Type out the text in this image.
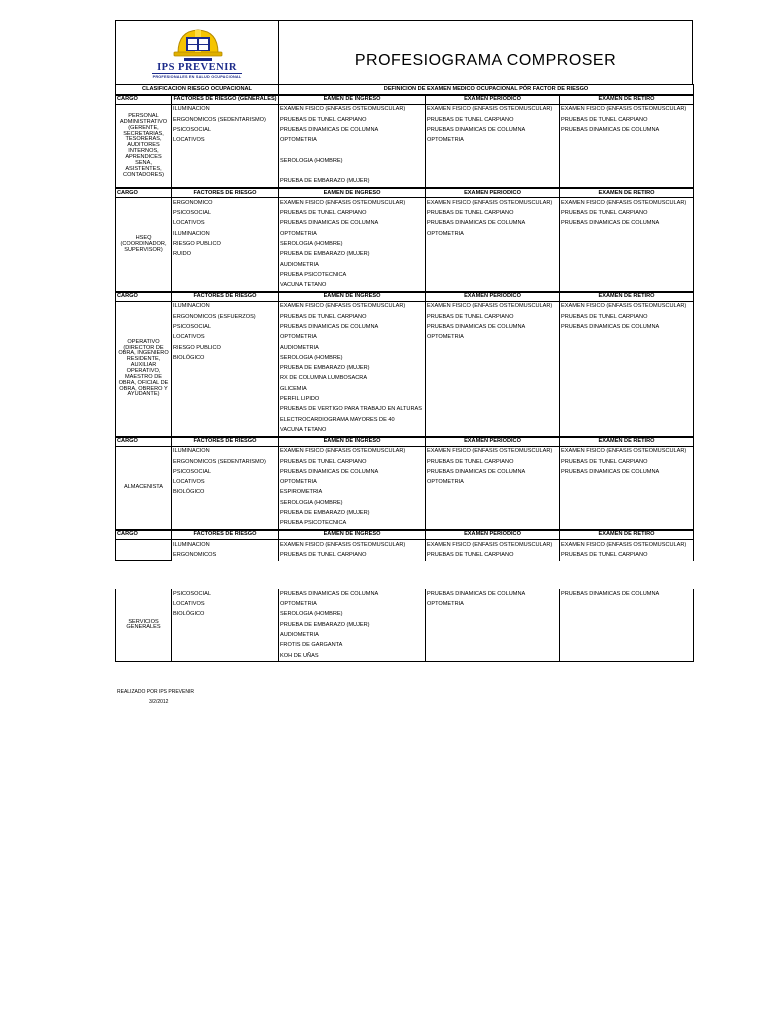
IPS PREVENIR
PROFESIONALES EN SALUD OCUPACIONAL
PROFESIOGRAMA COMPROSER
CLASIFICACION RIESGO OCUPACIONAL		DEFINICION DE EXAMEN MEDICO OCUPACIONAL PÓR FACTOR DE RIESGO		
CARGO	FACTORES DE RIESGO (GENERALES)	EAMEN DE INGRESO	EXAMEN PERIODICO	EXAMEN DE RETIRO
PERSONAL ADMINISTRATIVO (GERENTE, SECRETARIAS, TESORERAS, AUDITORES INTERNOS, APRENDICES SENA, ASISTENTES, CONTADORES)	ILUMINACION	EXAMEN FISICO (ENFASIS OSTEOMUSCULAR)	EXAMEN FISICO (ENFASIS OSTEOMUSCULAR)	EXAMEN FISICO (ENFASIS OSTEOMUSCULAR)
	ERGONOMICOS (SEDENTARISMO)	PRUEBAS DE TUNEL CARPIANO	PRUEBAS DE TUNEL CARPIANO	PRUEBAS DE TUNEL CARPIANO
	PSICOSOCIAL	PRUEBAS DINAMICAS DE COLUMNA	PRUEBAS DINAMICAS DE COLUMNA	PRUEBAS DINAMICAS DE COLUMNA
	LOCATIVOS	OPTOMETRIA	OPTOMETRIA	

		SEROLOGIA (HOMBRE)		

		PRUEBA DE EMBARAZO (MUJER)		
CARGO	FACTORES DE RIESGO	EAMEN DE INGRESO	EXAMEN PERIODICO	EXAMEN DE RETIRO
HSEQ (COORDINADOR, SUPERVISOR)	ERGONOMICO	EXAMEN FISICO (ENFASIS OSTEOMUSCULAR)	EXAMEN FISICO (ENFASIS OSTEOMUSCULAR)	EXAMEN FISICO (ENFASIS OSTEOMUSCULAR)
	PSICOSOCIAL	PRUEBAS DE TUNEL CARPIANO	PRUEBAS DE TUNEL CARPIANO	PRUEBAS DE TUNEL CARPIANO
	LOCATIVOS	PRUEBAS DINAMICAS DE COLUMNA	PRUEBAS DINAMICAS DE COLUMNA	PRUEBAS DINAMICAS DE COLUMNA
	ILUMINACION	OPTOMETRIA	OPTOMETRIA	
	RIESGO PUBLICO	SEROLOGIA (HOMBRE)		
	RUIDO	PRUEBA DE EMBARAZO (MUJER)		
		AUDIOMETRIA		
		PRUEBA PSICOTECNICA		
		VACUNA TETANO		
CARGO	FACTORES DE RIESGO	EAMEN DE INGRESO	EXAMEN PERIODICO	EXAMEN DE RETIRO
OPERATIVO (DIRECTOR DE OBRA, INGENIERO RESIDENTE, AUXILIAR OPERATIVO, MAESTRO DE OBRA, OFICIAL DE OBRA, OBRERO Y AYUDANTE)	ILUMINACION	EXAMEN FISICO (ENFASIS OSTEOMUSCULAR)	EXAMEN FISICO (ENFASIS OSTEOMUSCULAR)	EXAMEN FISICO (ENFASIS OSTEOMUSCULAR)
	ERGONOMICOS (ESFUERZOS)	PRUEBAS DE TUNEL CARPIANO	PRUEBAS DE TUNEL CARPIANO	PRUEBAS DE TUNEL CARPIANO
	PSICOSOCIAL	PRUEBAS DINAMICAS DE COLUMNA	PRUEBAS DINAMICAS DE COLUMNA	PRUEBAS DINAMICAS DE COLUMNA
	LOCATIVOS	OPTOMETRIA	OPTOMETRIA	
	RIESGO PUBLICO	AUDIOMETRIA		
	BIOLÓGICO	SEROLOGIA (HOMBRE)		
		PRUEBA DE EMBARAZO (MUJER)		
		RX DE COLUMNA LUMBOSACRA		
		GLICEMIA		
		PERFIL LIPIDO		
		PRUEBAS DE VERTIGO PARA TRABAJO EN ALTURAS		
		ELECTROCARDIOGRAMA MAYORES DE 40		
		VACUNA TETANO		
CARGO	FACTORES DE RIESGO	EAMEN DE INGRESO	EXAMEN PERIODICO	EXAMEN DE RETIRO
ALMACENISTA	ILUMINACION	EXAMEN FISICO (ENFASIS OSTEOMUSCULAR)	EXAMEN FISICO (ENFASIS OSTEOMUSCULAR)	EXAMEN FISICO (ENFASIS OSTEOMUSCULAR)
	ERGONOMICOS (SEDENTARISMO)	PRUEBAS DE TUNEL CARPIANO	PRUEBAS DE TUNEL CARPIANO	PRUEBAS DE TUNEL CARPIANO
	PSICOSOCIAL	PRUEBAS DINAMICAS DE COLUMNA	PRUEBAS DINAMICAS DE COLUMNA	PRUEBAS DINAMICAS DE COLUMNA
	LOCATIVOS	OPTOMETRIA	OPTOMETRIA	
	BIOLÓGICO	ESPIROMETRIA		
		SEROLOGIA (HOMBRE)		
		PRUEBA DE EMBARAZO (MUJER)		
		PRUEBA PSICOTECNICA		
CARGO	FACTORES DE RIESGO	EAMEN DE INGRESO	EXAMEN PERIODICO	EXAMEN DE RETIRO
	ILUMINACION	EXAMEN FISICO (ENFASIS OSTEOMUSCULAR)	EXAMEN FISICO (ENFASIS OSTEOMUSCULAR)	EXAMEN FISICO (ENFASIS OSTEOMUSCULAR)
	ERGONOMICOS	PRUEBAS DE TUNEL CARPIANO	PRUEBAS DE TUNEL CARPIANO	PRUEBAS DE TUNEL CARPIANO

SERVICIOS GENERALES	PSICOSOCIAL	PRUEBAS DINAMICAS DE COLUMNA	PRUEBAS DINAMICAS DE COLUMNA	PRUEBAS DINAMICAS DE COLUMNA
	LOCATIVOS	OPTOMETRIA	OPTOMETRIA	
	BIOLÓGICO	SEROLOGIA (HOMBRE)		
		PRUEBA DE EMBARAZO (MUJER)		
		AUDIOMETRIA		
		FROTIS DE GARGANTA		
		KOH DE UÑAS		
REALIZADO POR IPS PREVENIR
3/2/2012
